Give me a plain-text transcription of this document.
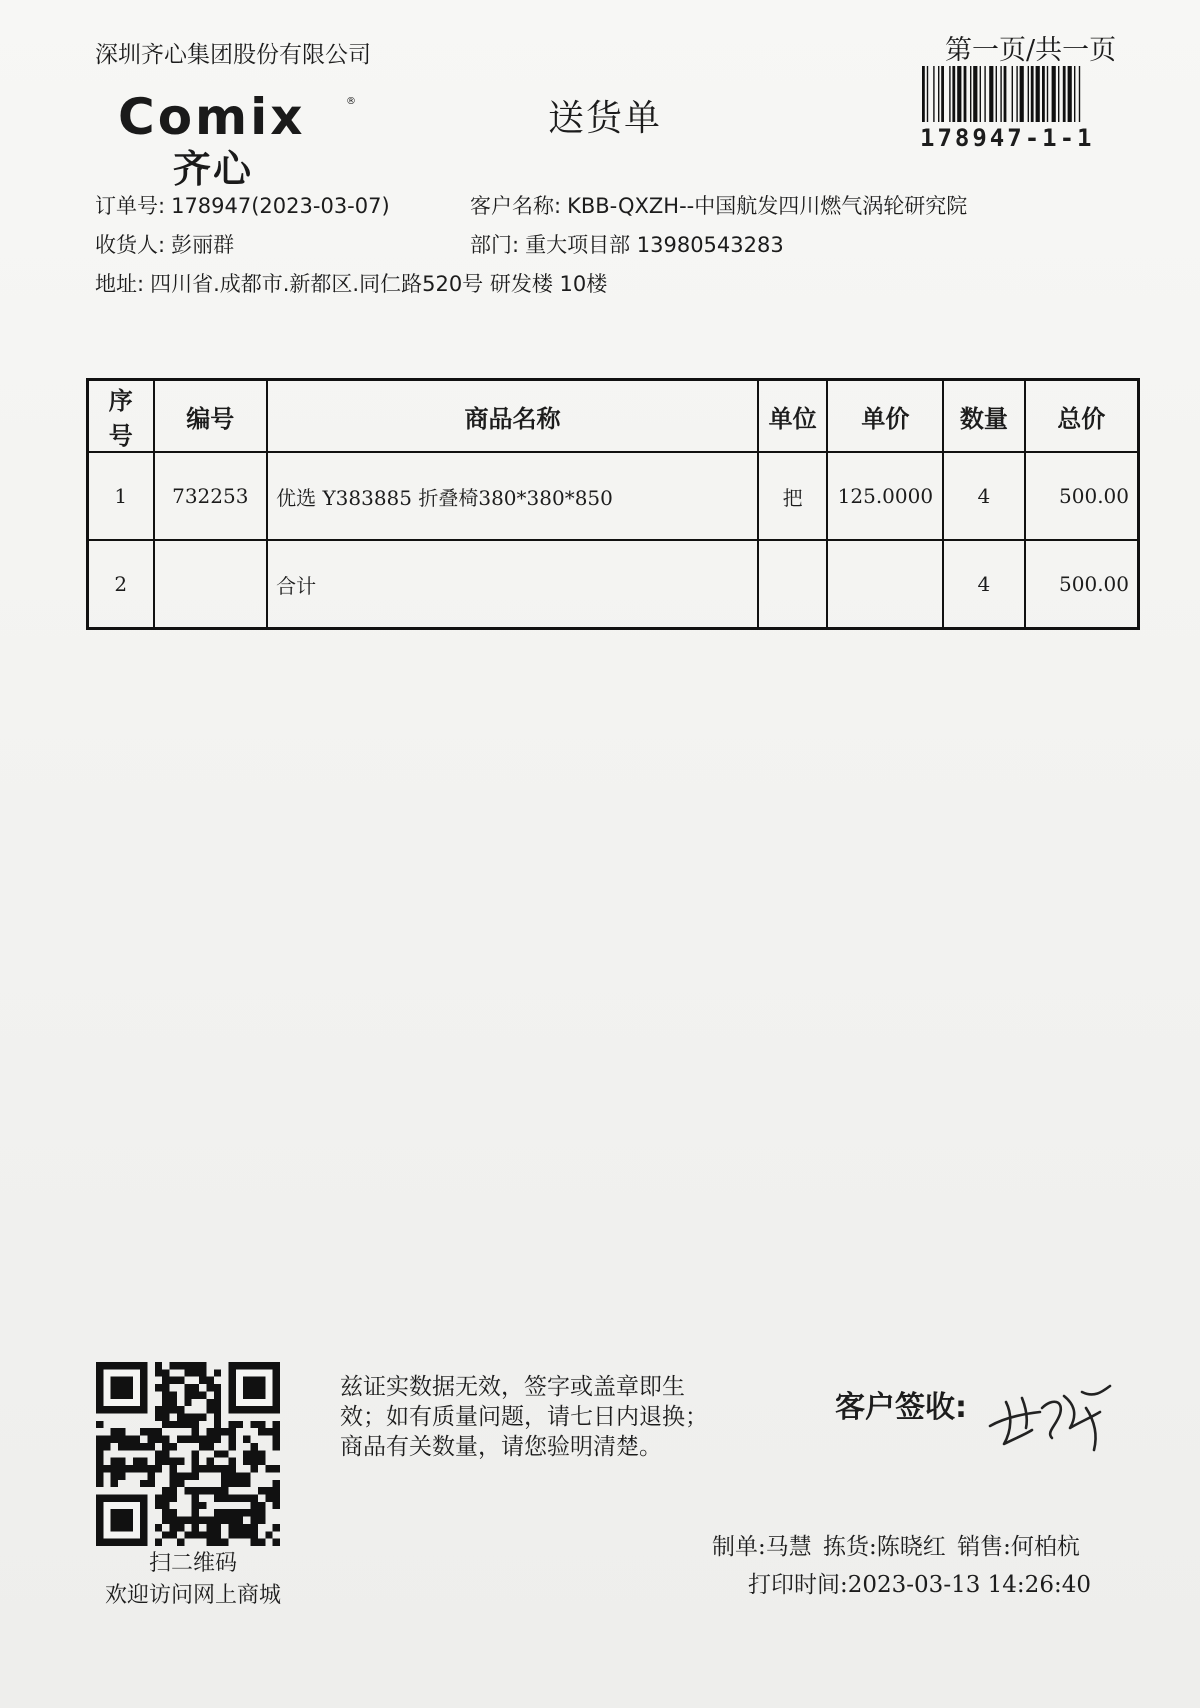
深圳齐心集团股份有限公司	第一页/共一页
Comix	®
齐心
送货单	178947-1-1
订单号: 178947(2023-03-07)	客户名称: KBB-QXZH--中国航发四川燃气涡轮研究院
收货人: 彭丽群	部门: 重大项目部 13980543283
地址: 四川省.成都市.新都区.同仁路520号 研发楼 10楼
序号	编号	商品名称	单位	单价	数量	总价
1	732253	优选 Y383885 折叠椅380*380*850	把	125.0000	4	500.00
2		合计			4	500.00
扫二维码
欢迎访问网上商城
兹证实数据无效，签字或盖章即生
效；如有质量问题，请七日内退换；
商品有关数量，请您验明清楚。
客户签收:
制单:马慧 拣货:陈晓红 销售:何柏杭
打印时间:2023-03-13 14:26:40
